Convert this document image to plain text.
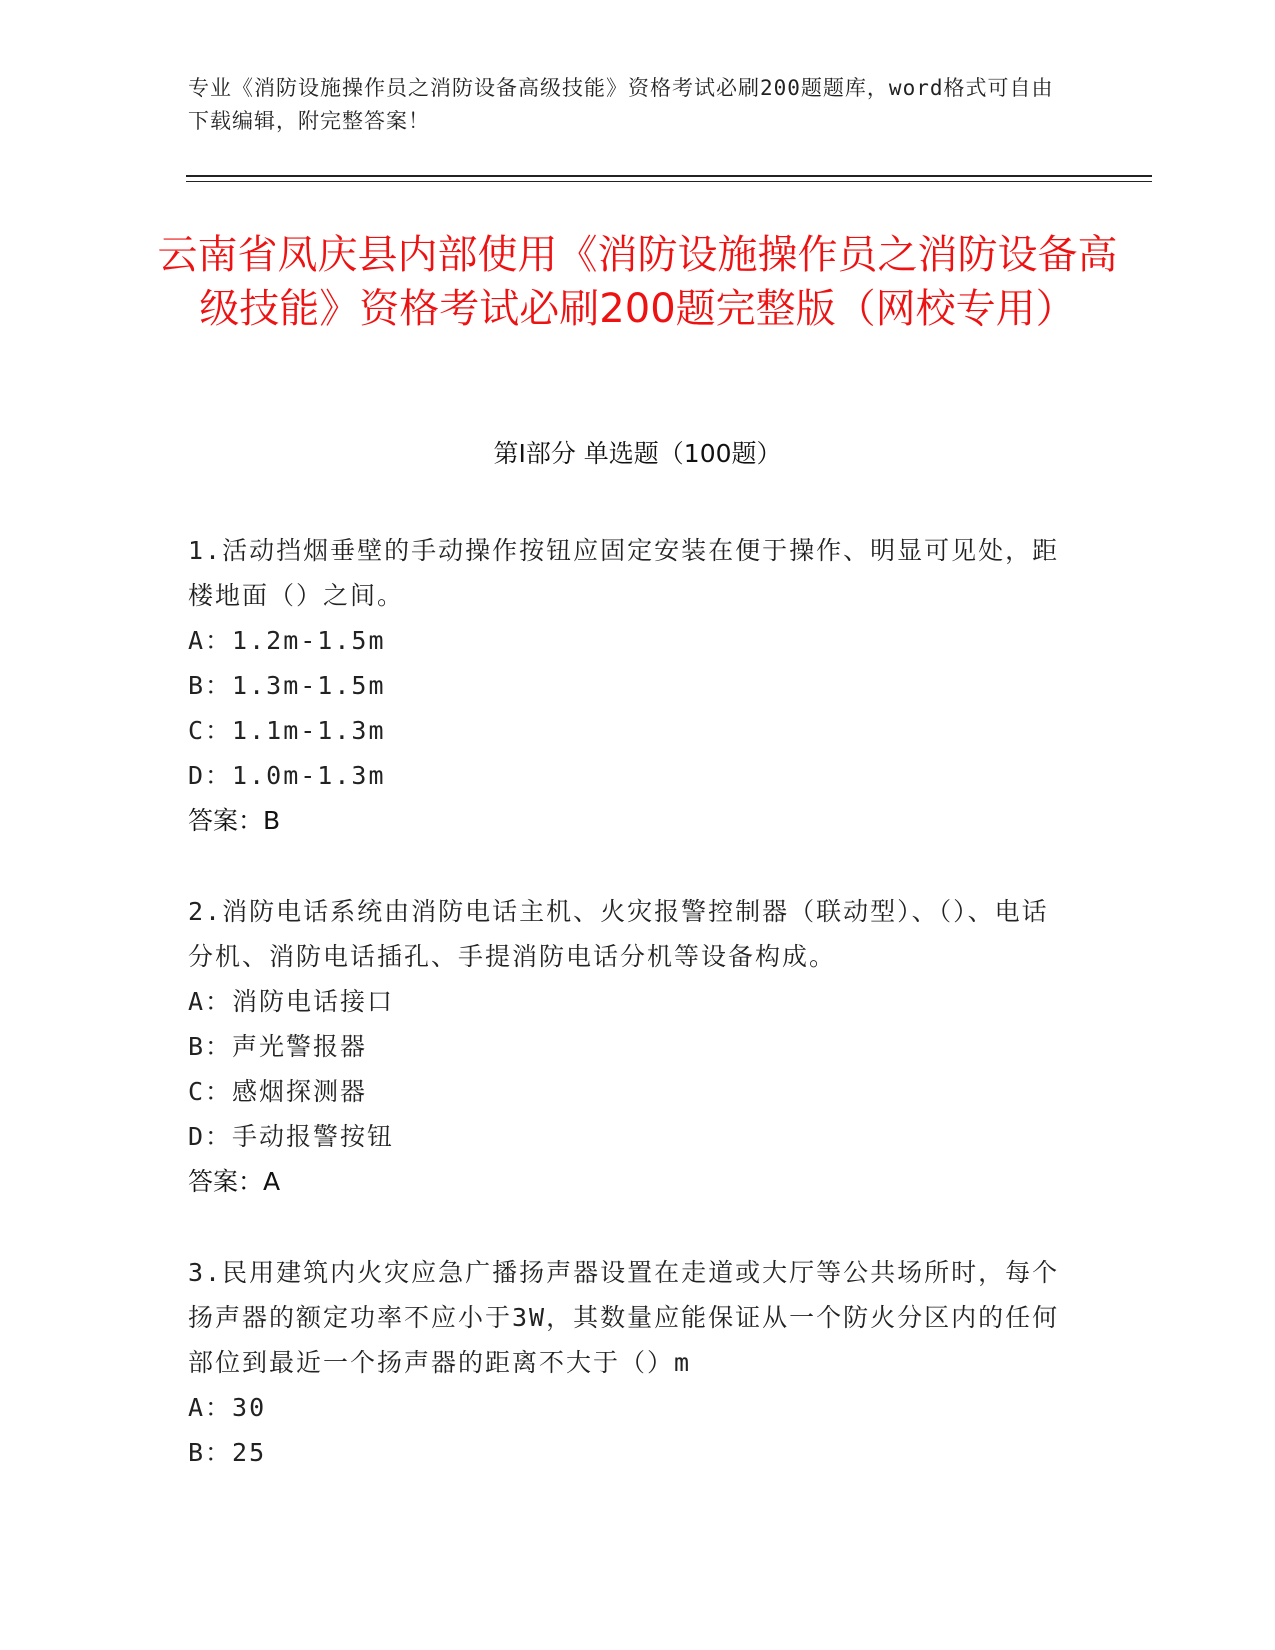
专业《消防设施操作员之消防设备高级技能》资格考试必刷200题题库，word格式可自由下载编辑，附完整答案！
云南省凤庆县内部使用《消防设施操作员之消防设备高级技能》资格考试必刷200题完整版（网校专用）
第I部分 单选题（100题）
1.活动挡烟垂壁的手动操作按钮应固定安装在便于操作、明显可见处，距楼地面（）之间。
A：1.2m-1.5m
B：1.3m-1.5m
C：1.1m-1.3m
D：1.0m-1.3m
答案：B
2.消防电话系统由消防电话主机、火灾报警控制器（联动型）、（）、电话分机、消防电话插孔、手提消防电话分机等设备构成。
A：消防电话接口
B：声光警报器
C：感烟探测器
D：手动报警按钮
答案：A
3.民用建筑内火灾应急广播扬声器设置在走道或大厅等公共场所时，每个扬声器的额定功率不应小于3W，其数量应能保证从一个防火分区内的任何部位到最近一个扬声器的距离不大于（）m
A：30
B：25
